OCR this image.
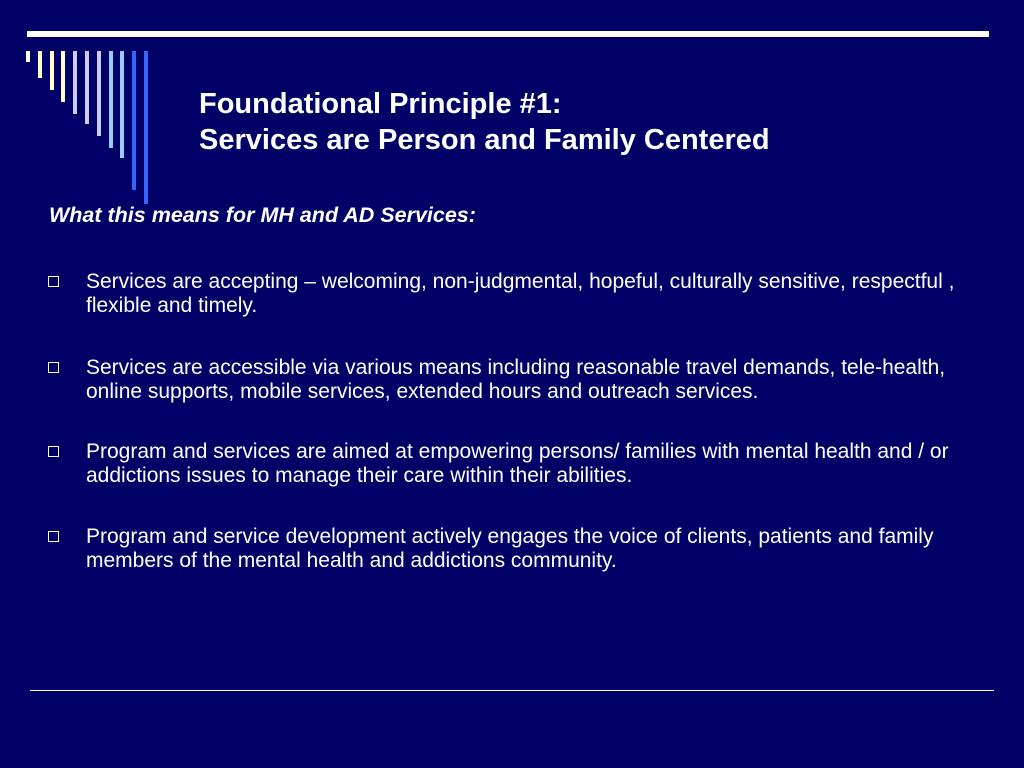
Foundational Principle #1:
Services are Person and Family Centered
What this means for MH and AD Services:
Services are accepting – welcoming, non-judgmental, hopeful, culturally sensitive, respectful , flexible and timely.
Services are accessible via various means including reasonable travel demands, tele-health, online supports, mobile services, extended hours and outreach services.
Program and services are aimed at empowering persons/ families with mental health and / or addictions issues to manage their care within their abilities.
Program and service development actively engages the voice of clients, patients and family members of the mental health and addictions community.
